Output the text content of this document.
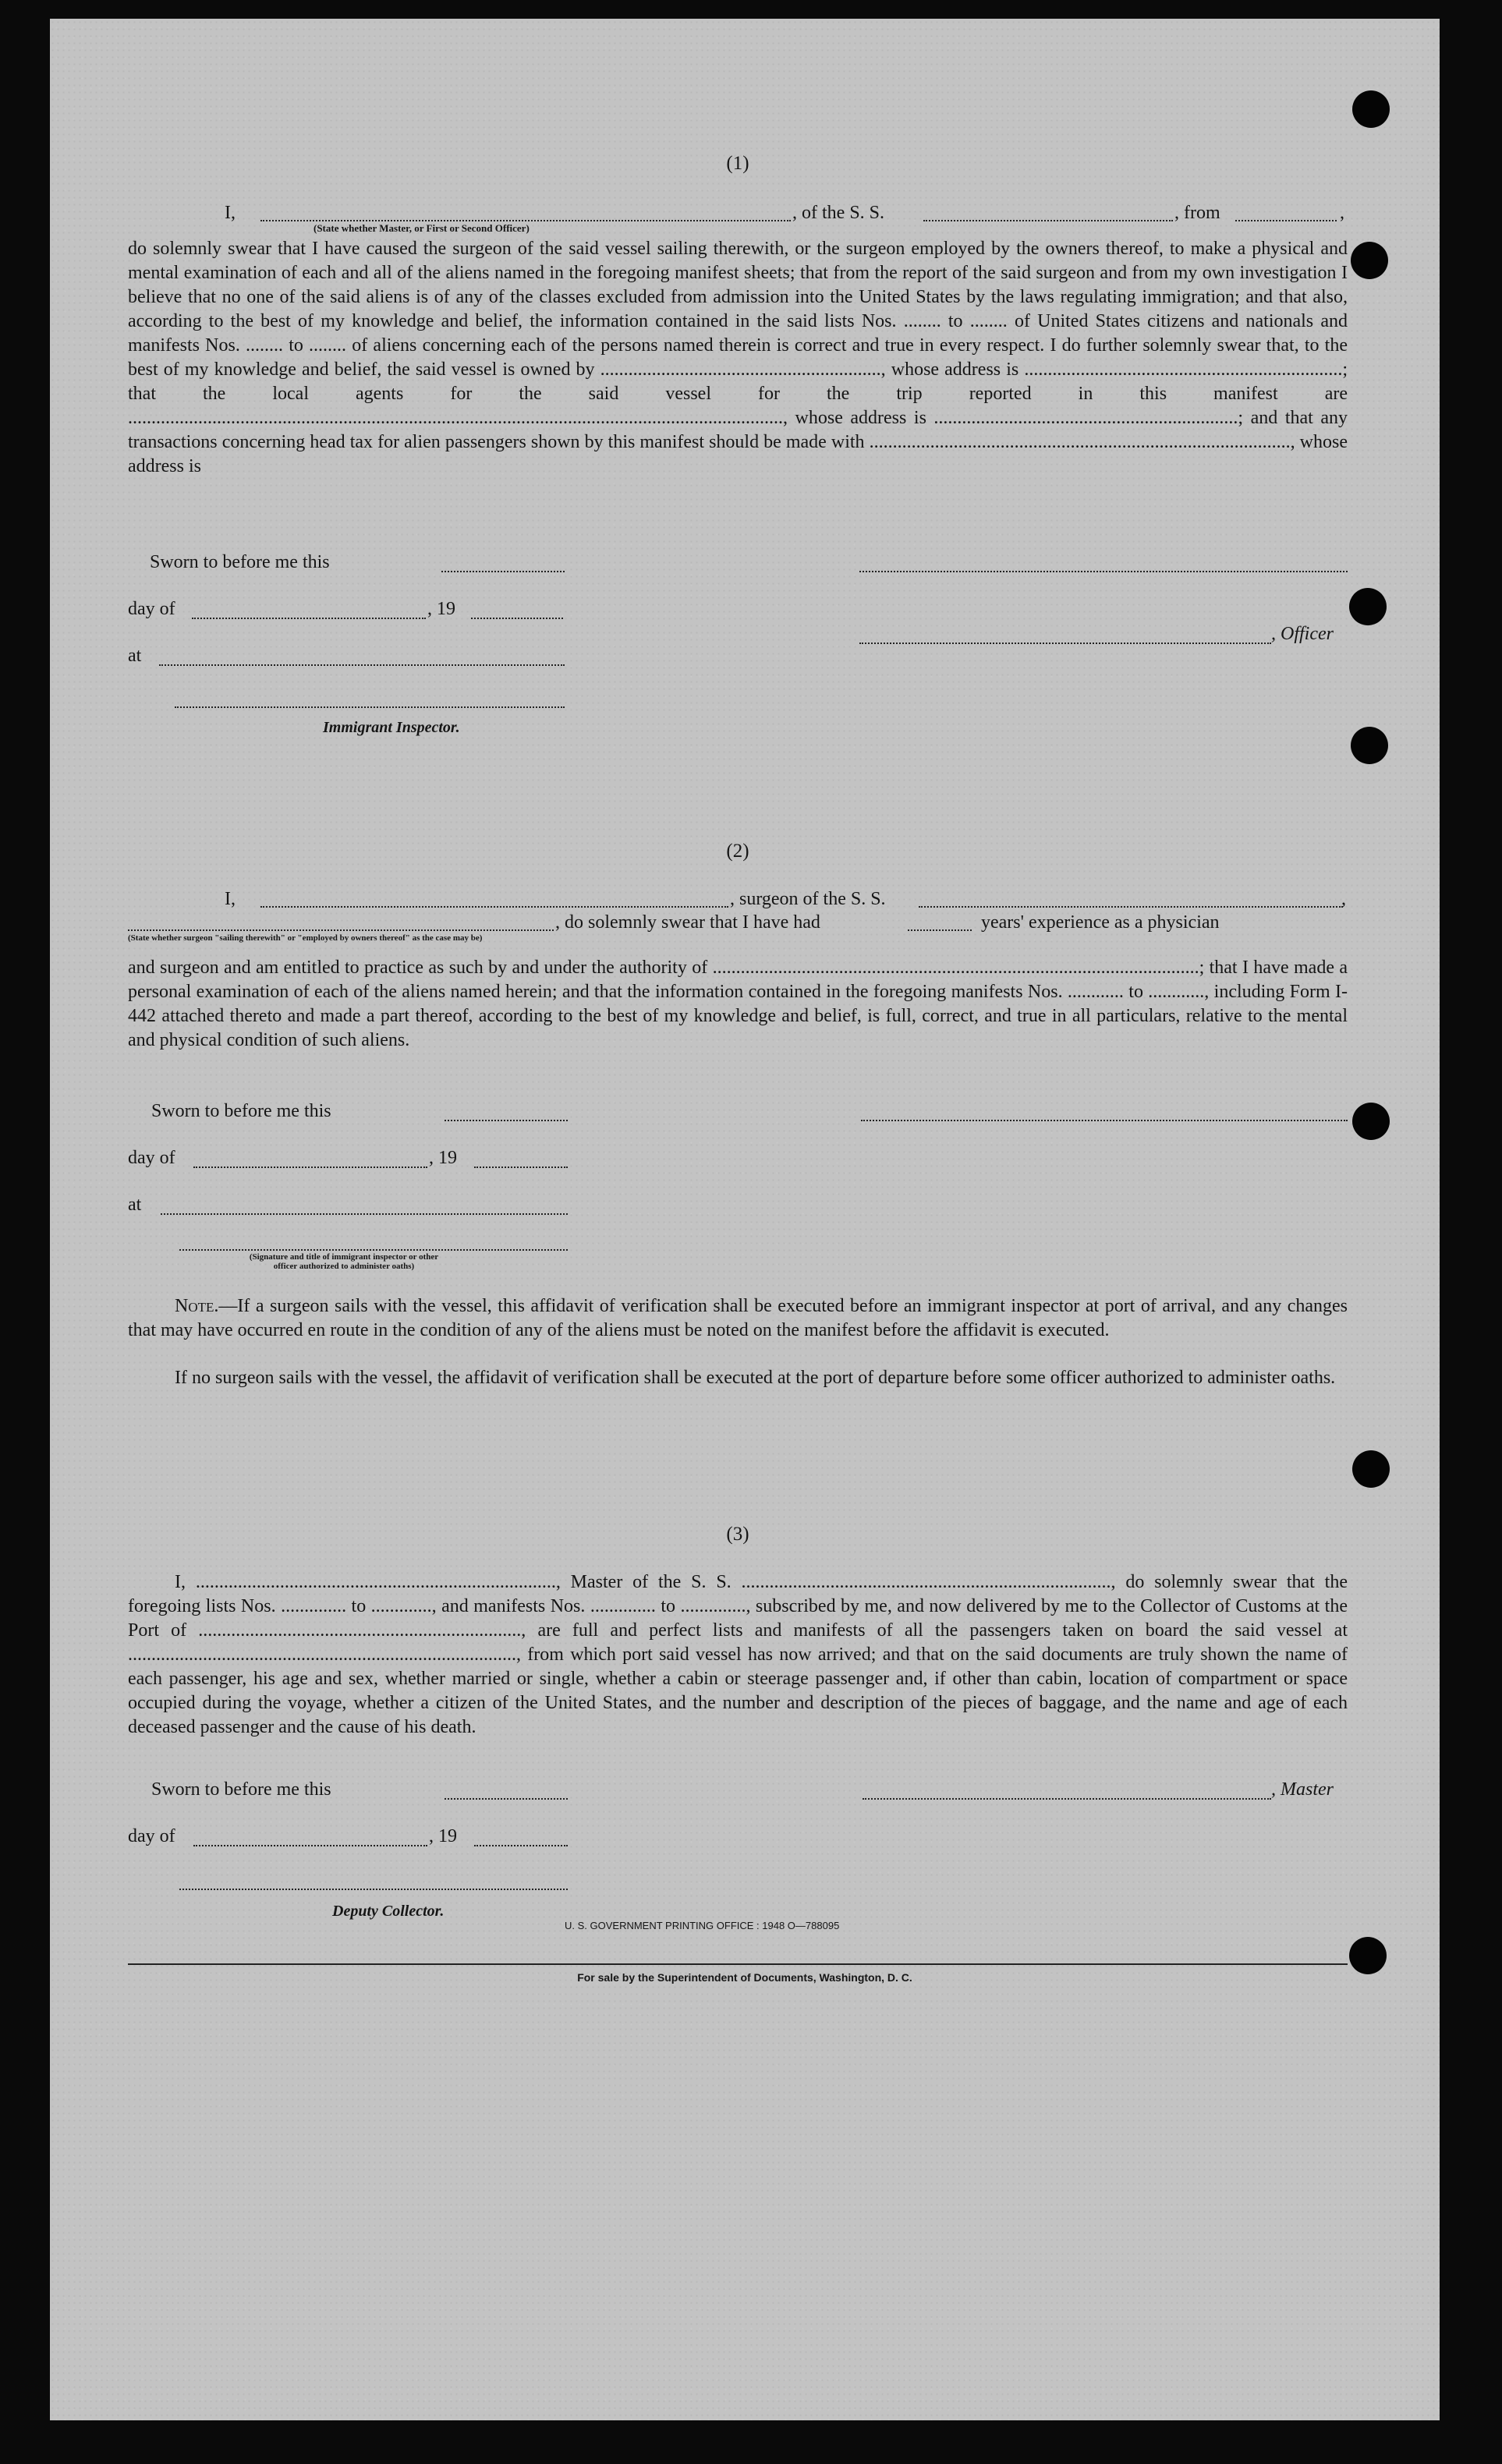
(1)
I,	, of the S. S.	, from	,
(State whether Master, or First or Second Officer)
do solemnly swear that I have caused the surgeon of the said vessel sailing therewith, or the surgeon employed by the owners thereof, to make a physical and mental examination of each and all of the aliens named in the foregoing manifest sheets; that from the report of the said surgeon and from my own investigation I believe that no one of the said aliens is of any of the classes excluded from admission into the United States by the laws regulating immigration; and that also, according to the best of my knowledge and belief, the information contained in the said lists Nos. ........ to ........ of United States citizens and nationals and manifests Nos. ........ to ........ of aliens concerning each of the persons named therein is correct and true in every respect. I do further solemnly swear that, to the best of my knowledge and belief, the said vessel is owned by ............................................................, whose address is ....................................................................; that the local agents for the said vessel for the trip reported in this manifest are ............................................................................................................................................, whose address is .................................................................; and that any transactions concerning head tax for alien passengers shown by this manifest should be made with .........................................................................................., whose address is
Sworn to before me this
day of	, 19
, Officer
at
Immigrant Inspector.
(2)
I,	, surgeon of the S. S.	,
, do solemnly swear that I have had	years' experience as a physician
(State whether surgeon "sailing therewith" or "employed by owners thereof" as the case may be)
and surgeon and am entitled to practice as such by and under the authority of ........................................................................................................; that I have made a personal examination of each of the aliens named herein; and that the information contained in the foregoing manifests Nos. ............ to ............, including Form I-442 attached thereto and made a part thereof, according to the best of my knowledge and belief, is full, correct, and true in all particulars, relative to the mental and physical condition of such aliens.
Sworn to before me this
day of	, 19
at
(Signature and title of immigrant inspector or other officer authorized to administer oaths)
Note.—If a surgeon sails with the vessel, this affidavit of verification shall be executed before an immigrant inspector at port of arrival, and any changes that may have occurred en route in the condition of any of the aliens must be noted on the manifest before the affidavit is executed.
If no surgeon sails with the vessel, the affidavit of verification shall be executed at the port of departure before some officer authorized to administer oaths.
(3)
I, ............................................................................., Master of the S. S. ..............................................................................., do solemnly swear that the foregoing lists Nos. .............. to ............., and manifests Nos. .............. to .............., subscribed by me, and now delivered by me to the Collector of Customs at the Port of ....................................................................., are full and perfect lists and manifests of all the passengers taken on board the said vessel at ..................................................................................., from which port said vessel has now arrived; and that on the said documents are truly shown the name of each passenger, his age and sex, whether married or single, whether a cabin or steerage passenger and, if other than cabin, location of compartment or space occupied during the voyage, whether a citizen of the United States, and the number and description of the pieces of baggage, and the name and age of each deceased passenger and the cause of his death.
Sworn to before me this	, Master
day of	, 19
Deputy Collector.
U. S. GOVERNMENT PRINTING OFFICE : 1948 O—788095
For sale by the Superintendent of Documents, Washington, D. C.
